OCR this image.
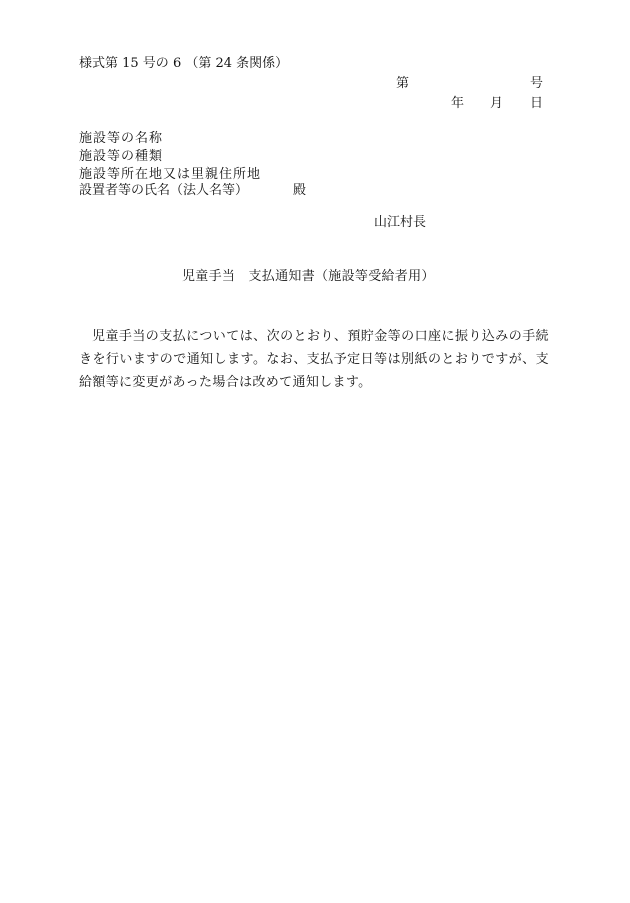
様式第 15 号の 6 （第 24 条関係）
第	号
年 月 日
施設等の名称
施設等の種類
施設等所在地又は里親住所地
設置者等の氏名（法人名等）	殿
山江村長
児童手当　支払通知書（施設等受給者用）
児童手当の支払については、次のとおり、預貯金等の口座に振り込みの手続きを行いますので通知します。なお、支払予定日等は別紙のとおりですが、支給額等に変更があった場合は改めて通知します。
